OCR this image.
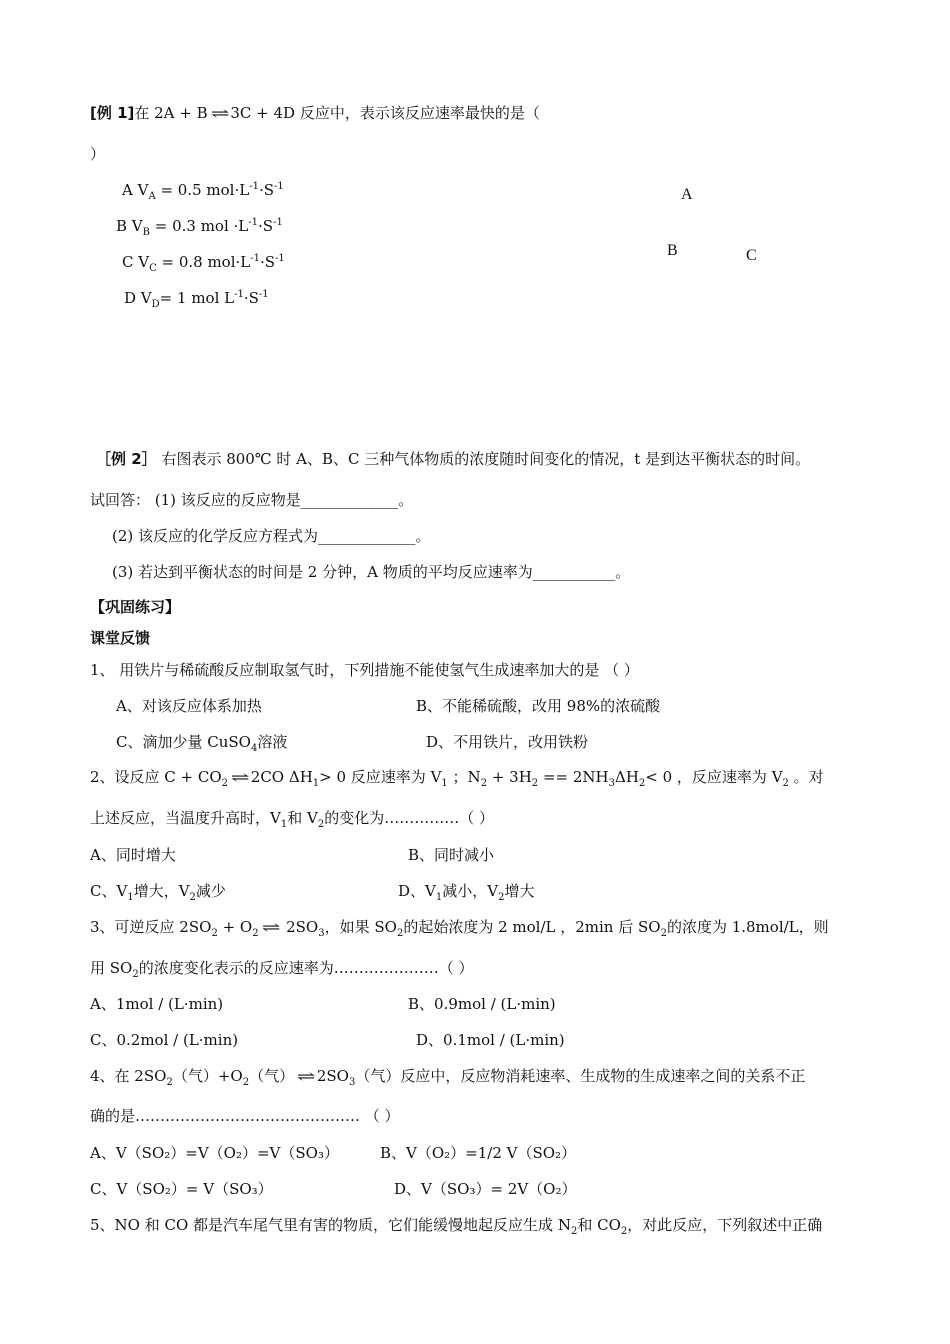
[例 1]在 2A + B ⇌ 3C + 4D 反应中，表示该反应速率最快的是（
）
A $V_A = 0.5$ $mol\cdot L^{-1}\cdot S^{-1}$
B $V_B = 0.3$ mol $\cdot L^{-1}\cdot S^{-1}$
C $V_C = 0.8$ $mol\cdot L^{-1}\cdot S^{-1}$
D $V_D= 1$ mol $L^{-1}\cdot S^{-1}$
A
B	C
［例 2］ 右图表示 800℃ 时 A、B、C 三种气体物质的浓度随时间变化的情况，t 是到达平衡状态的时间。
试回答： (1) 该反应的反应物是_____________。
(2) 该反应的化学反应方程式为_____________。
(3) 若达到平衡状态的时间是 2 分钟，A 物质的平均反应速率为___________。
【巩固练习】
课堂反馈
1、 用铁片与稀硫酸反应制取氢气时，下列措施不能使氢气生成速率加大的是 （ ）
A、对该反应体系加热	B、不能稀硫酸，改用 98%的浓硫酸
C、滴加少量 CuSO$_4$溶液	D、不用铁片，改用铁粉
2、设反应 $C + CO_2$ ⇌ 2CO $\Delta H_1> 0$ 反应速率为 $V_1$ ；$N_2 + 3H_2 == 2NH_3\Delta H_2< 0$ ，反应速率为 $V_2$ 。对
上述反应，当温度升高时，$V_1$和 $V_2$的变化为……………（ ）
A、同时增大	B、同时减小
C、$V_1$增大，$V_2$减少	D、$V_1$减小，$V_2$增大
3、可逆反应 $2SO_2 + O_2$ ⇌ $2SO_3$，如果 $SO_2$的起始浓度为 2 mol/L ，2min 后 $SO_2$的浓度为 1.8mol/L，则
用 $SO_2$的浓度变化表示的反应速率为…………………（ ）
A、1mol / (L·min)	B、0.9mol / (L·min)
C、0.2mol / (L·min)	D、0.1mol / (L·min)
4、在 $2SO_2$（气）$+O_2$（气） ⇌ $2SO_3$（气）反应中，反应物消耗速率、生成物的生成速率之间的关系不正
确的是……………………………………… （ ）
A、V（SO₂）=V（O₂）=V（SO₃）	B、V（O₂）=1/2 V（SO₂）
C、V（SO₂）= V（SO₃）	D、V（SO₃）= 2V（O₂）
5、NO 和 CO 都是汽车尾气里有害的物质，它们能缓慢地起反应生成 $N_2$和 $CO_2$，对此反应，下列叙述中正确
